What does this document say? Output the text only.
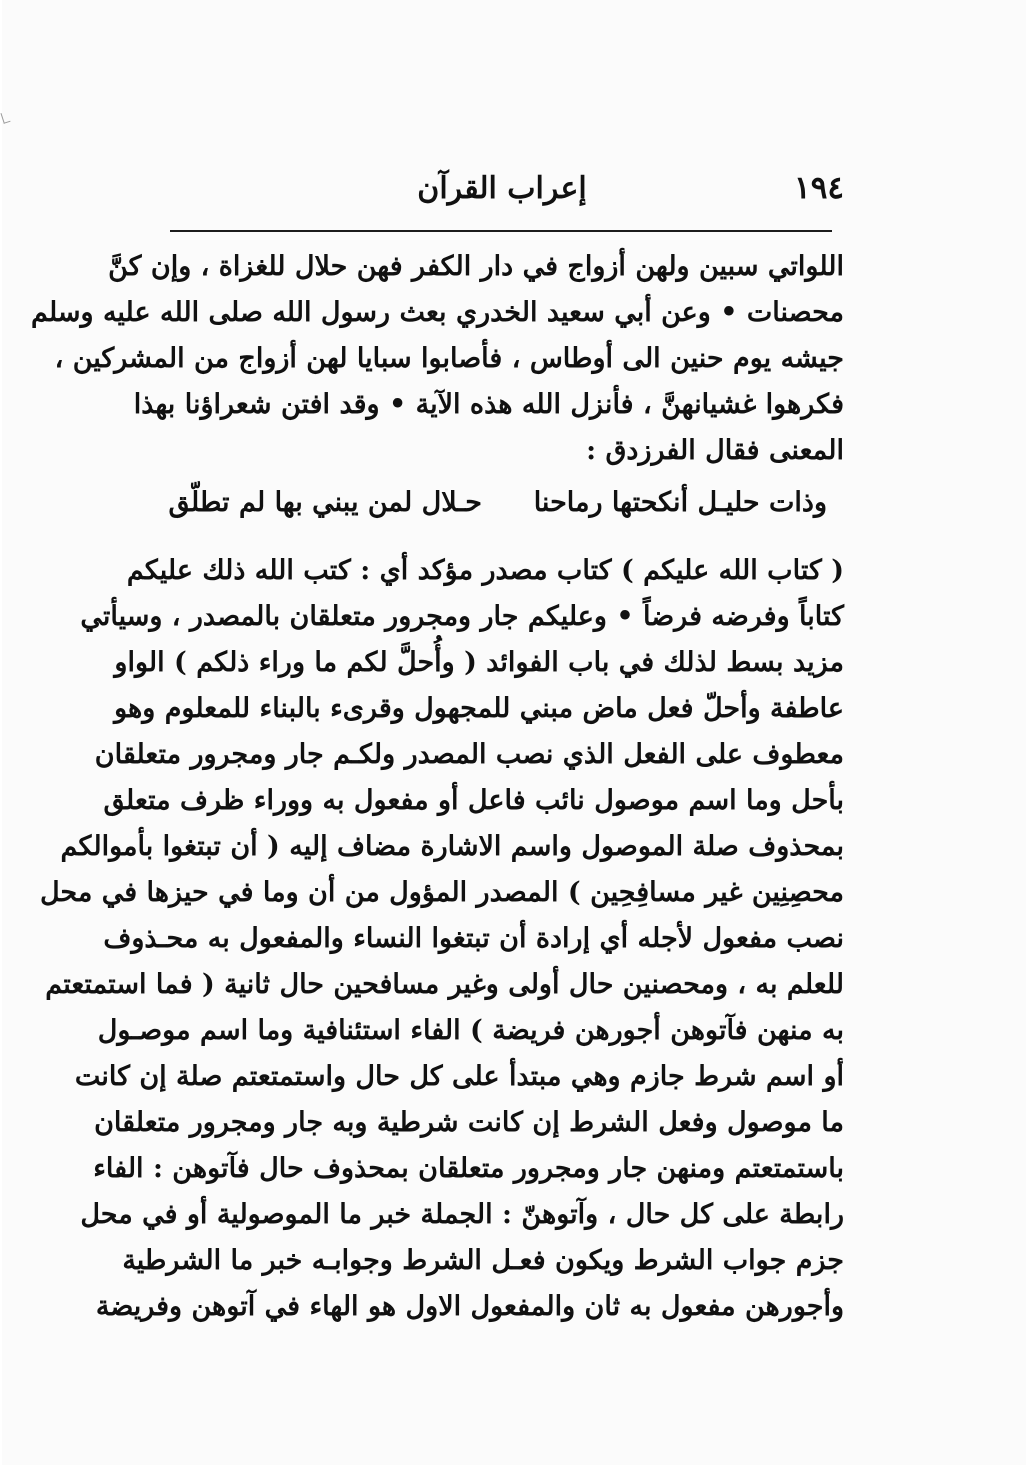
١٩٤
إعراب القرآن
اللواتي سبين ولهن أزواج في دار الكفر فهن حلال للغزاة ، وإن كنَّ
محصنات • وعن أبي سعيد الخدري بعث رسول الله صلى الله عليه وسلم
جيشه يوم حنين الى أوطاس ، فأصابوا سبايا لهن أزواج من المشركين ،
فكرهوا غشيانهنَّ ، فأنزل الله هذه الآية • وقد افتن شعراؤنا بهذا
المعنى فقال الفرزدق :
وذات حليـل أنكحتها رماحنا
حـلال لمن يبني بها لم تطلّق
( كتاب الله عليكم ) كتاب مصدر مؤكد أي : كتب الله ذلك عليكم
كتاباً وفرضه فرضاً • وعليكم جار ومجرور متعلقان بالمصدر ، وسيأتي
مزيد بسط لذلك في باب الفوائد ( وأُحلَّ لكم ما وراء ذلكم ) الواو
عاطفة وأحلّ فعل ماض مبني للمجهول وقرىء بالبناء للمعلوم وهو
معطوف على الفعل الذي نصب المصدر ولكـم جار ومجرور متعلقان
بأحل وما اسم موصول نائب فاعل أو مفعول به ووراء ظرف متعلق
بمحذوف صلة الموصول واسم الاشارة مضاف إليه ( أن تبتغوا بأموالكم
محصِنِين غير مسافِحِين ) المصدر المؤول من أن وما في حيزها في محل
نصب مفعول لأجله أي إرادة أن تبتغوا النساء والمفعول به محـذوف
للعلم به ، ومحصنين حال أولى وغير مسافحين حال ثانية ( فما استمتعتم
به منهن فآتوهن أجورهن فريضة ) الفاء استئنافية وما اسم موصـول
أو اسم شرط جازم وهي مبتدأ على كل حال واستمتعتم صلة إن كانت
ما موصول وفعل الشرط إن كانت شرطية وبه جار ومجرور متعلقان
باستمتعتم ومنهن جار ومجرور متعلقان بمحذوف حال فآتوهن : الفاء
رابطة على كل حال ، وآتوهنّ : الجملة خبر ما الموصولية أو في محل
جزم جواب الشرط ويكون فعـل الشرط وجوابـه خبر ما الشرطية
وأجورهن مفعول به ثان والمفعول الاول هو الهاء في آتوهن وفريضة
